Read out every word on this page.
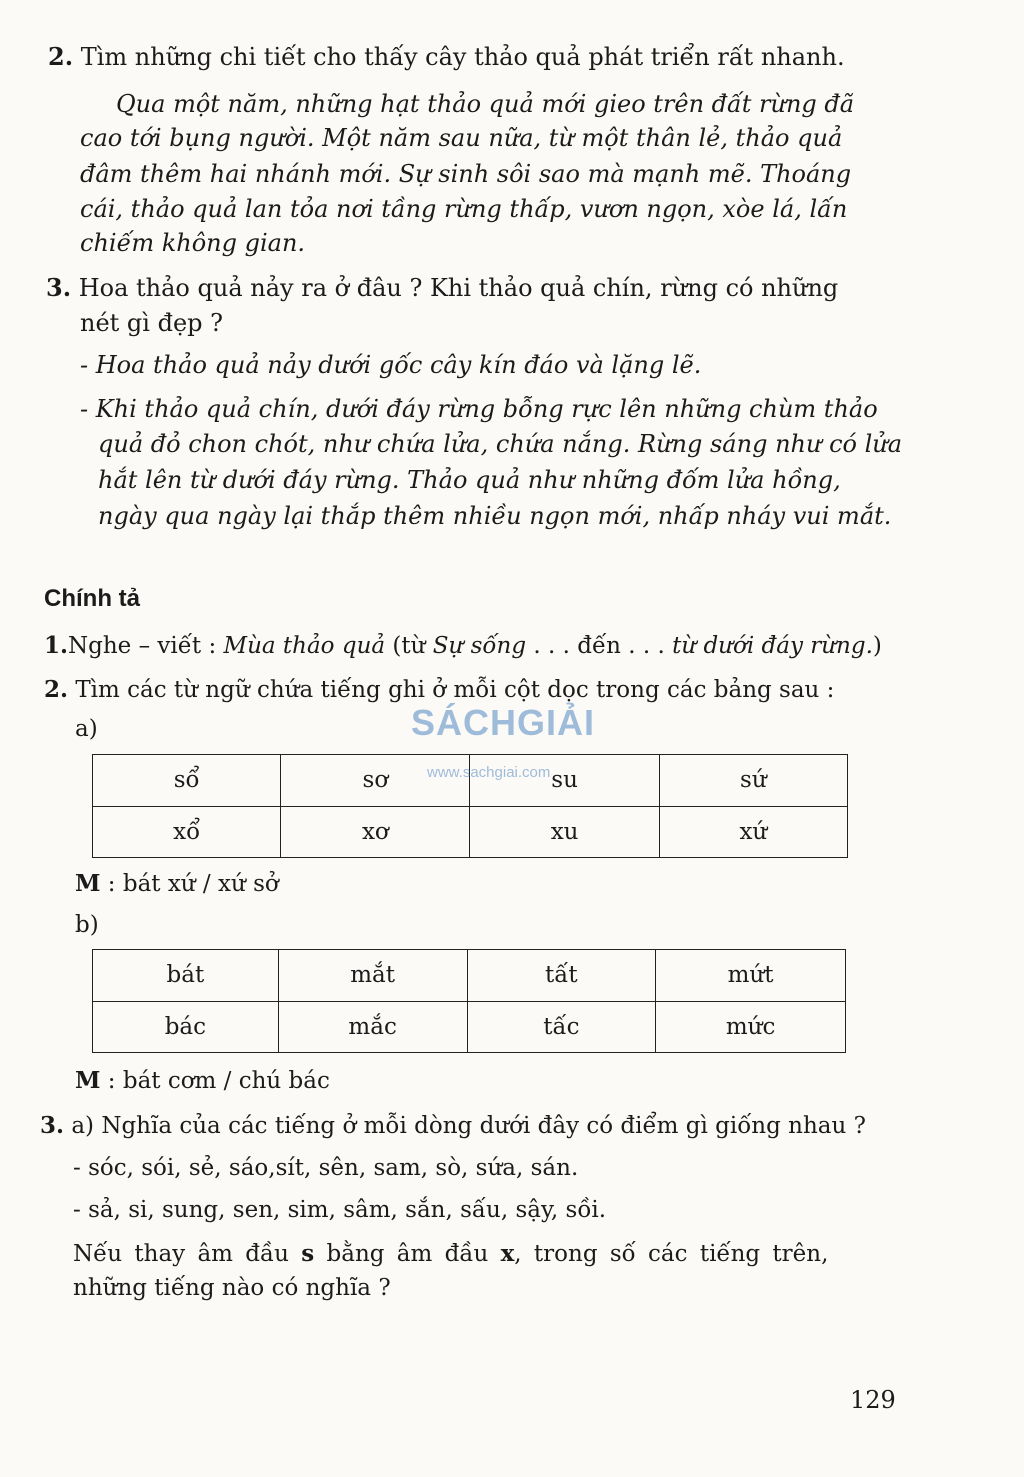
2. Tìm những chi tiết cho thấy cây thảo quả phát triển rất nhanh.
Qua một năm, những hạt thảo quả mới gieo trên đất rừng đã
cao tới bụng người. Một năm sau nữa, từ một thân lẻ, thảo quả
đâm thêm hai nhánh mới. Sự sinh sôi sao mà mạnh mẽ. Thoáng
cái, thảo quả lan tỏa nơi tầng rừng thấp, vươn ngọn, xòe lá, lấn
chiếm không gian.
3. Hoa thảo quả nảy ra ở đâu ? Khi thảo quả chín, rừng có những
nét gì đẹp ?
- Hoa thảo quả nảy dưới gốc cây kín đáo và lặng lẽ.
- Khi thảo quả chín, dưới đáy rừng bỗng rực lên những chùm thảo
quả đỏ chon chót, như chứa lửa, chứa nắng. Rừng sáng như có lửa
hắt lên từ dưới đáy rừng. Thảo quả như những đốm lửa hồng,
ngày qua ngày lại thắp thêm nhiều ngọn mới, nhấp nháy vui mắt.
Chính tả
1.Nghe – viết : Mùa thảo quả (từ Sự sống . . . đến . . . từ dưới đáy rừng.)
2. Tìm các từ ngữ chứa tiếng ghi ở mỗi cột dọc trong các bảng sau :
a)
sổ	sơ	su	sứ
xổ	xơ	xu	xứ
M : bát xứ / xứ sở
b)
bát	mắt	tất	mứt
bác	mắc	tấc	mức
M : bát cơm / chú bác
3. a) Nghĩa của các tiếng ở mỗi dòng dưới đây có điểm gì giống nhau ?
- sóc, sói, sẻ, sáo,sít, sên, sam, sò, sứa, sán.
- sả, si, sung, sen, sim, sâm, sắn, sấu, sậy, sồi.
Nếu thay âm đầu s bằng âm đầu x, trong số các tiếng trên,
những tiếng nào có nghĩa ?
SÁCHGIẢI
www.sachgiai.com
129
